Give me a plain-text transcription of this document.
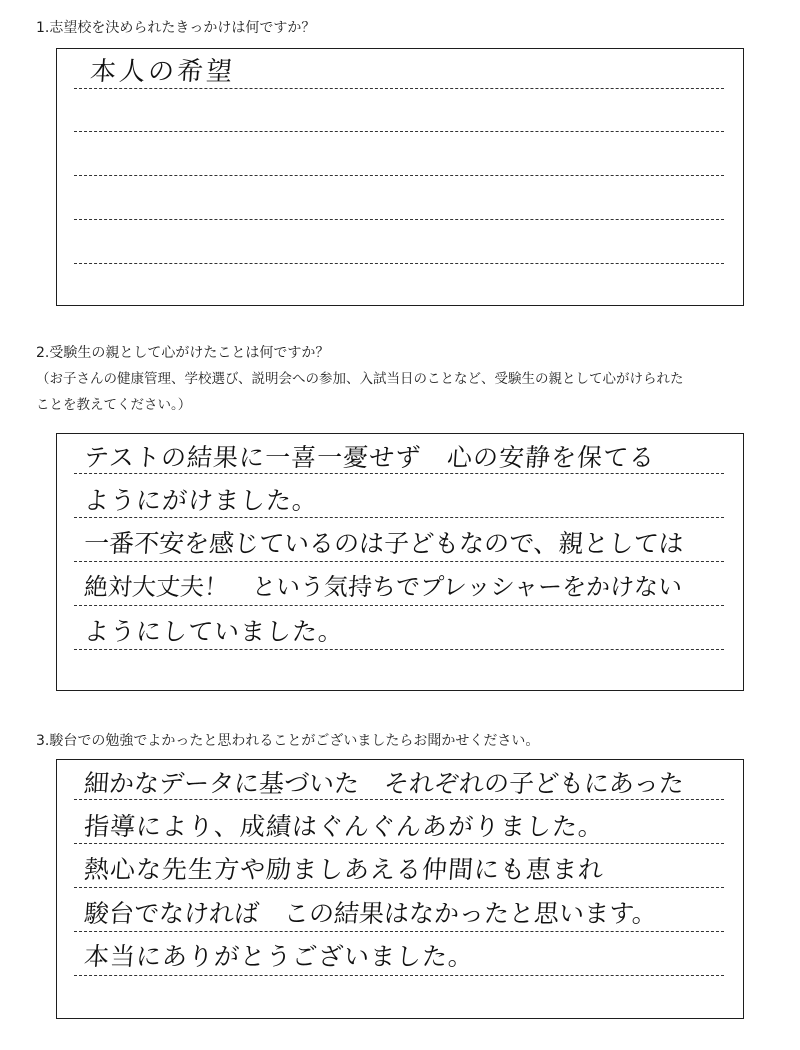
1.志望校を決められたきっかけは何ですか？
本人の希望
2.受験生の親として心がけたことは何ですか？
（お子さんの健康管理、学校選び、説明会への参加、入試当日のことなど、受験生の親として心がけられた
ことを教えてください。）
テストの結果に一喜一憂せず　心の安静を保てる
ようにがけました。
一番不安を感じているのは子どもなので、親としては
絶対大丈夫！　という気持ちでプレッシャーをかけない
ようにしていました。
3.駿台での勉強でよかったと思われることがございましたらお聞かせください。
細かなデータに基づいた　それぞれの子どもにあった
指導により、成績はぐんぐんあがりました。
熱心な先生方や励ましあえる仲間にも恵まれ
駿台でなければ　この結果はなかったと思います。
本当にありがとうございました。
